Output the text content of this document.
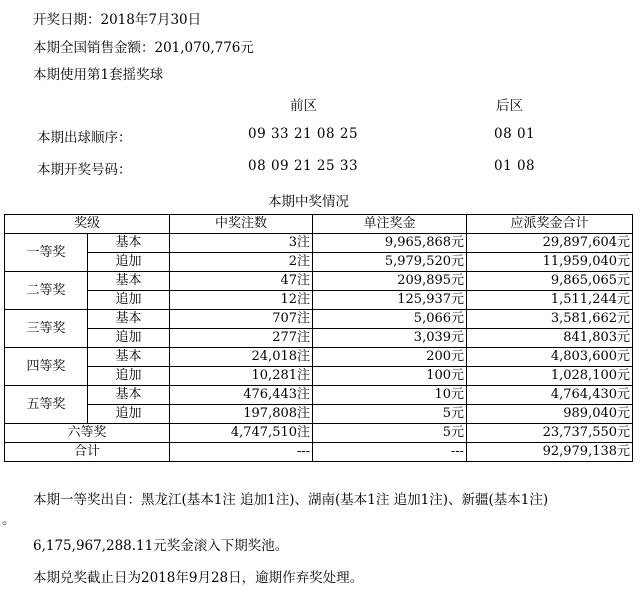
开奖日期：2018年7月30日
本期全国销售金额：201,070,776元
本期使用第1套摇奖球
前区	后区
本期出球顺序：	09 33 21 08 25	08 01
本期开奖号码：	08 09 21 25 33	01 08
本期中奖情况
奖级		中奖注数	单注奖金	应派奖金合计
一等奖	基本	3注	9,965,868元	29,897,604元
	追加	2注	5,979,520元	11,959,040元
二等奖	基本	47注	209,895元	9,865,065元
	追加	12注	125,937元	1,511,244元
三等奖	基本	707注	5,066元	3,581,662元
	追加	277注	3,039元	841,803元
四等奖	基本	24,018注	200元	4,803,600元
	追加	10,281注	100元	1,028,100元
五等奖	基本	476,443注	10元	4,764,430元
	追加	197,808注	5元	989,040元
六等奖		4,747,510注	5元	23,737,550元
合计		---	---	92,979,138元
本期一等奖出自：黑龙江(基本1注 追加1注)、湖南(基本1注 追加1注)、新疆(基本1注)
。
6,175,967,288.11元奖金滚入下期奖池。
本期兑奖截止日为2018年9月28日，逾期作弃奖处理。
